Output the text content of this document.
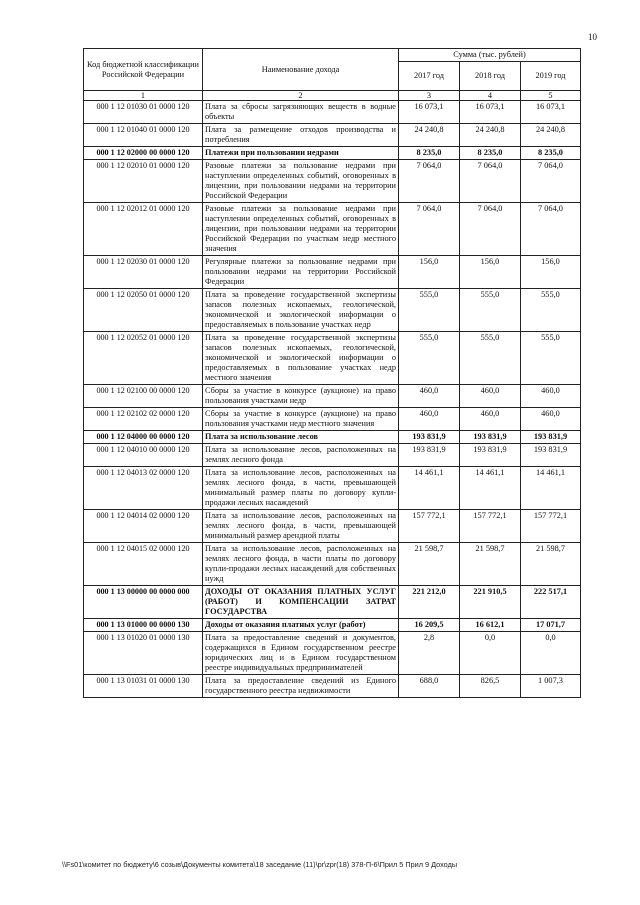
10
Код бюджетной классификации Российской Федерации	Наименование дохода	Сумма (тыс. рублей)		
		2017 год	2018 год	2019 год
1	2	3	4	5
000 1 12 01030 01 0000 120	Плата за сбросы загрязняющих веществ в водные объекты	16 073,1	16 073,1	16 073,1
000 1 12 01040 01 0000 120	Плата за размещение отходов производства и потребления	24 240,8	24 240,8	24 240,8
000 1 12 02000 00 0000 120	Платежи при пользовании недрами	8 235,0	8 235,0	8 235,0
000 1 12 02010 01 0000 120	Разовые платежи за пользование недрами при наступлении определенных событий, оговоренных в лицензии, при пользовании недрами на территории Российской Федерации	7 064,0	7 064,0	7 064,0
000 1 12 02012 01 0000 120	Разовые платежи за пользование недрами при наступлении определенных событий, оговоренных в лицензии, при пользовании недрами на территории Российской Федерации по участкам недр местного значения	7 064,0	7 064,0	7 064,0
000 1 12 02030 01 0000 120	Регулярные платежи за пользование недрами при пользовании недрами на территории Российской Федерации	156,0	156,0	156,0
000 1 12 02050 01 0000 120	Плата за проведение государственной экспертизы запасов полезных ископаемых, геологической, экономической и экологической информации о предоставляемых в пользование участках недр	555,0	555,0	555,0
000 1 12 02052 01 0000 120	Плата за проведение государственной экспертизы запасов полезных ископаемых, геологической, экономической и экологической информации о предоставляемых в пользование участках недр местного значения	555,0	555,0	555,0
000 1 12 02100 00 0000 120	Сборы за участие в конкурсе (аукционе) на право пользования участками недр	460,0	460,0	460,0
000 1 12 02102 02 0000 120	Сборы за участие в конкурсе (аукционе) на право пользования участками недр местного значения	460,0	460,0	460,0
000 1 12 04000 00 0000 120	Плата за использование лесов	193 831,9	193 831,9	193 831,9
000 1 12 04010 00 0000 120	Плата за использование лесов, расположенных на землях лесного фонда	193 831,9	193 831,9	193 831,9
000 1 12 04013 02 0000 120	Плата за использование лесов, расположенных на землях лесного фонда, в части, превышающей минимальный размер платы по договору купли-продажи лесных насаждений	14 461,1	14 461,1	14 461,1
000 1 12 04014 02 0000 120	Плата за использование лесов, расположенных на землях лесного фонда, в части, превышающей минимальный размер арендной платы	157 772,1	157 772,1	157 772,1
000 1 12 04015 02 0000 120	Плата за использование лесов, расположенных на землях лесного фонда, в части платы по договору купли-продажи лесных насаждений для собственных нужд	21 598,7	21 598,7	21 598,7
000 1 13 00000 00 0000 000	ДОХОДЫ ОТ ОКАЗАНИЯ ПЛАТНЫХ УСЛУГ (РАБОТ) И КОМПЕНСАЦИИ ЗАТРАТ ГОСУДАРСТВА	221 212,0	221 910,5	222 517,1
000 1 13 01000 00 0000 130	Доходы от оказания платных услуг (работ)	16 209,5	16 612,1	17 071,7
000 1 13 01020 01 0000 130	Плата за предоставление сведений и документов, содержащихся в Едином государственном реестре юридических лиц и в Едином государственном реестре индивидуальных предпринимателей	2,8	0,0	0,0
000 1 13 01031 01 0000 130	Плата за предоставление сведений из Единого государственного реестра недвижимости	688,0	826,5	1 007,3
\\Fs01\комитет по бюджету\6 созыв\Документы комитета\18 заседание (11)\pr\zpr(18) 378-П-6\Прил 5 Прил 9 Доходы
